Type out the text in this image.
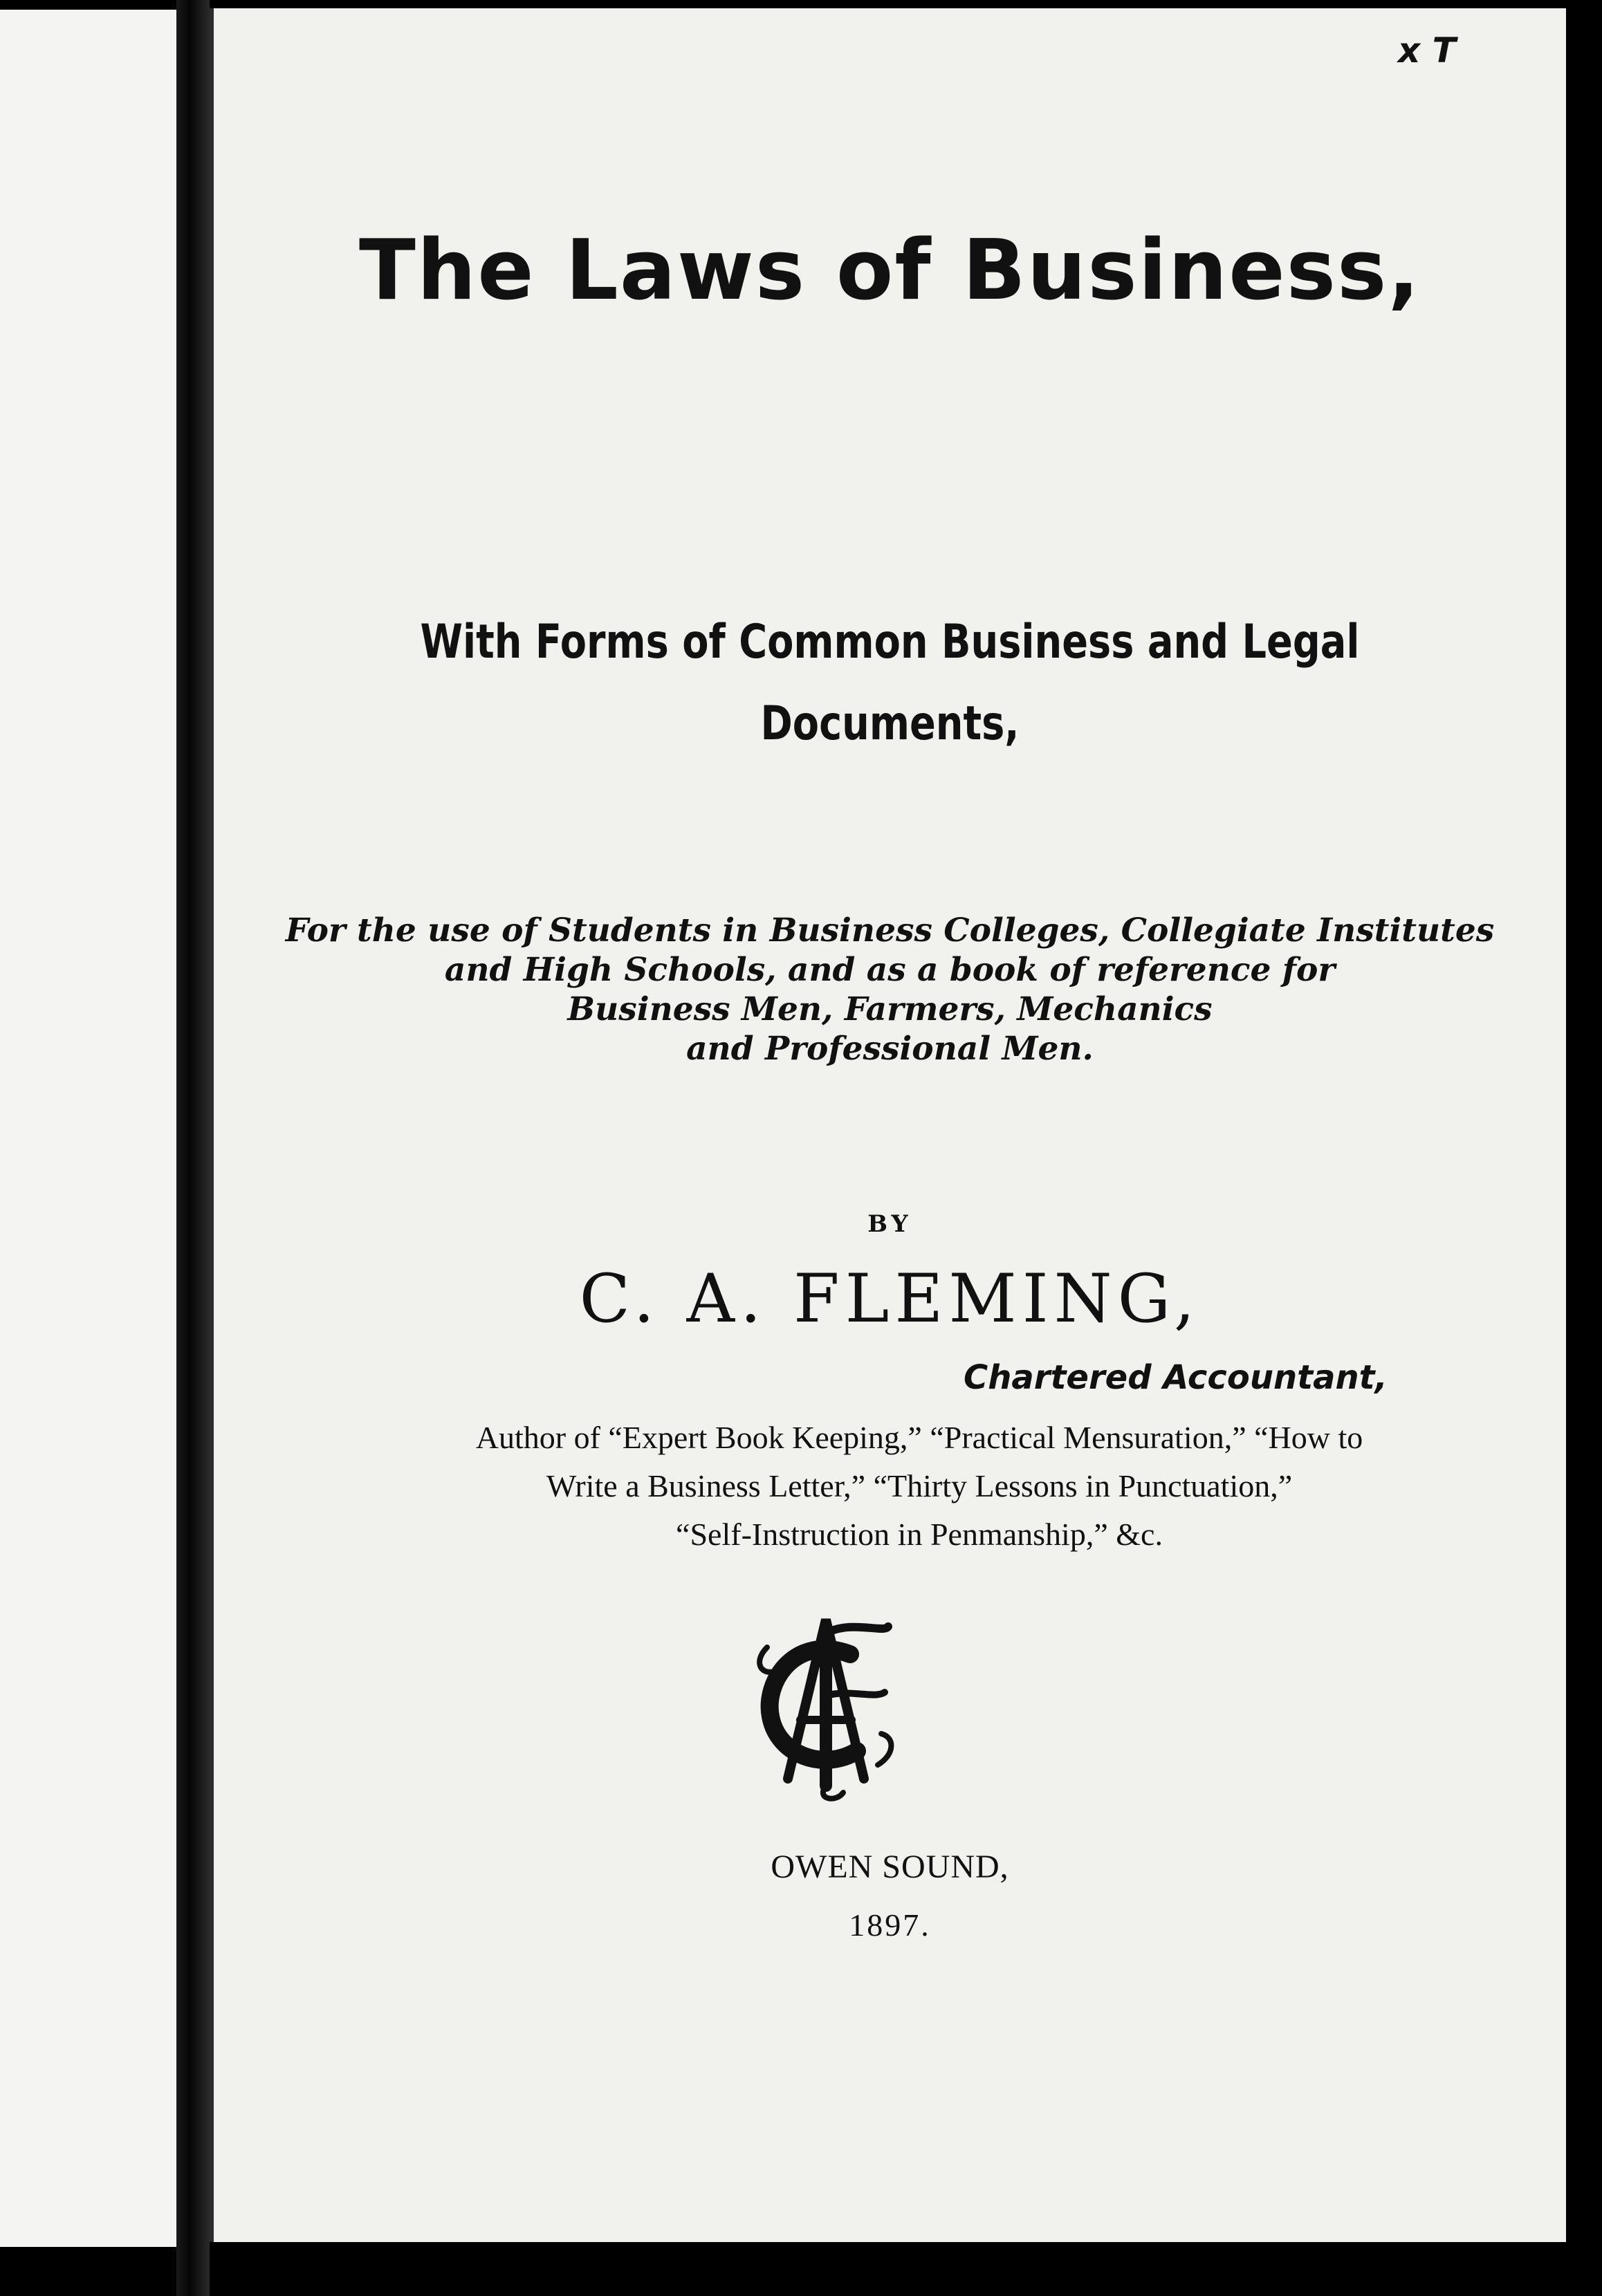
x T
The Laws of Business,
With Forms of Common Business and Legal
Documents,
For the use of Students in Business Colleges, Collegiate Institutes
and High Schools, and as a book of reference for
Business Men, Farmers, Mechanics
and Professional Men.
BY
C. A. FLEMING,
Chartered Accountant,
Author of “Expert Book Keeping,” “Practical Mensuration,” “How to
Write a Business Letter,” “Thirty Lessons in Punctuation,”
“Self-Instruction in Penmanship,” &c.
OWEN SOUND,
1897.
